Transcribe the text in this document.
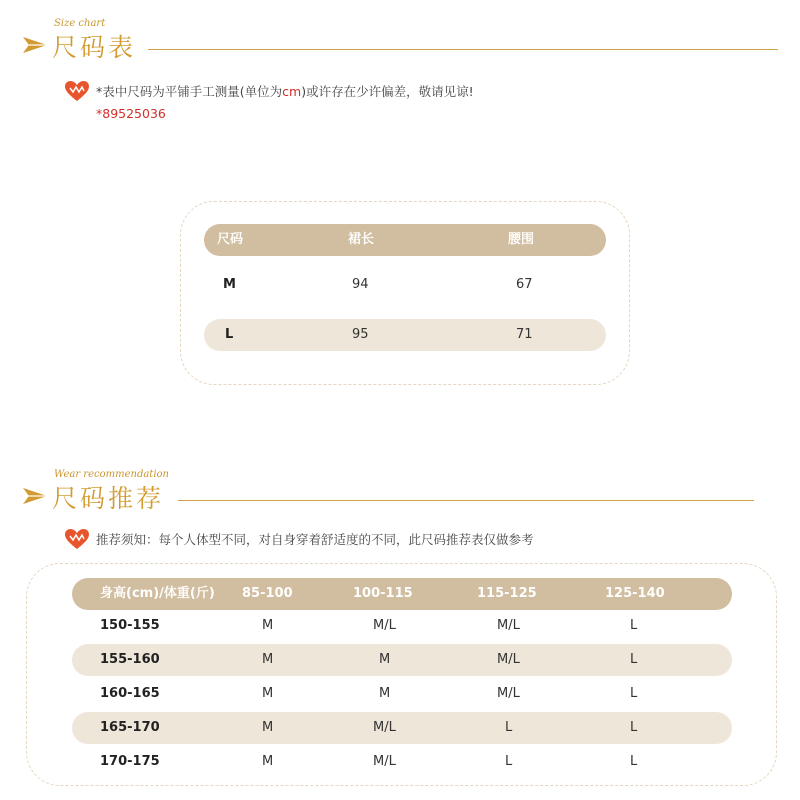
Size chart
尺码表
*表中尺码为平铺手工测量(单位为cm)或许存在少许偏差，敬请见谅!
*89525036
尺码	裙长	腰围
M	94	67
L	95	71
Wear recommendation
尺码推荐
推荐须知：每个人体型不同，对自身穿着舒适度的不同，此尺码推荐表仅做参考
身高(cm)/体重(斤) 85-100	100-115	115-125	125-140
150-155	M	M/L	M/L	L
155-160	M	M	M/L	L
160-165	M	M	M/L	L
165-170	M	M/L	L	L
170-175	M	M/L	L	L
